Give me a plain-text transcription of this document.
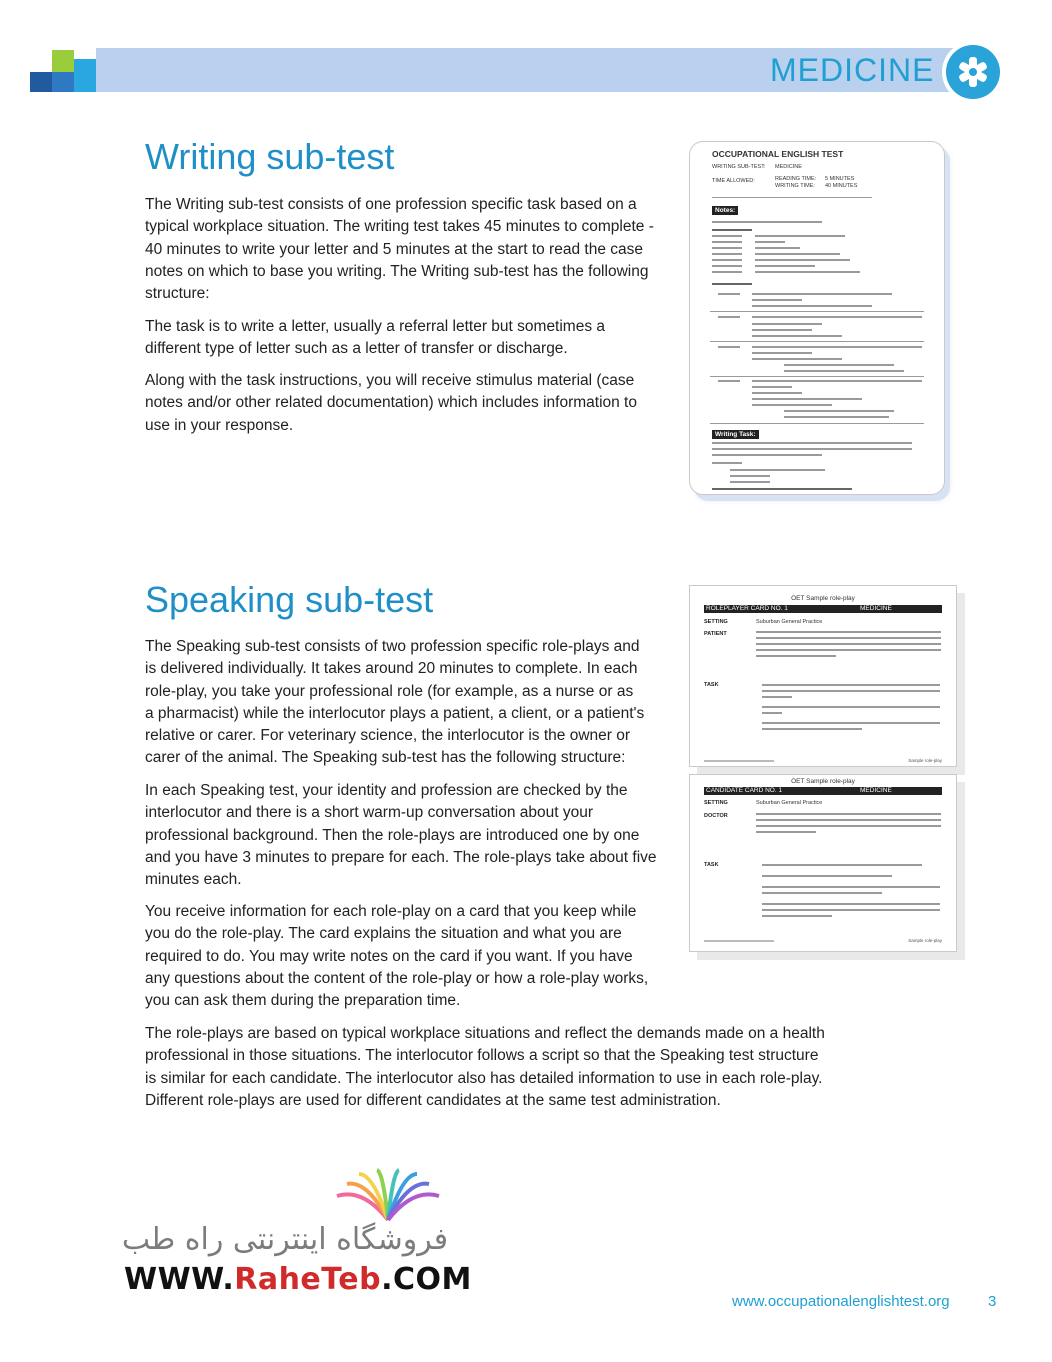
MEDICINE
Writing sub-test

The Writing sub-test consists of one profession specific task based on a typical workplace situation. The writing test takes 45 minutes to complete - 40 minutes to write your letter and 5 minutes at the start to read the case notes on which to base you writing. The Writing sub-test has the following structure:

The task is to write a letter, usually a referral letter but sometimes a different type of letter such as a letter of transfer or discharge.

Along with the task instructions, you will receive stimulus material (case notes and/or other related documentation) which includes information to use in your response.

OCCUPATIONAL ENGLISH TEST
WRITING SUB-TEST: MEDICINE
TIME ALLOWED:	READING TIME: 5 MINUTES
WRITING TIME: 40 MINUTES
Notes:
Writing Task:
Speaking sub-test

The Speaking sub-test consists of two profession specific role-plays and is delivered individually. It takes around 20 minutes to complete. In each role-play, you take your professional role (for example, as a nurse or as a pharmacist) while the interlocutor plays a patient, a client, or a patient's relative or carer. For veterinary science, the interlocutor is the owner or carer of the animal. The Speaking sub-test has the following structure:

In each Speaking test, your identity and profession are checked by the interlocutor and there is a short warm-up conversation about your professional background. Then the role-plays are introduced one by one and you have 3 minutes to prepare for each. The role-plays take about five minutes each.

You receive information for each role-play on a card that you keep while you do the role-play. The card explains the situation and what you are required to do. You may write notes on the card if you want. If you have any questions about the content of the role-play or how a role-play works, you can ask them during the preparation time.

The role-plays are based on typical workplace situations and reflect the demands made on a health professional in those situations. The interlocutor follows a script so that the Speaking test structure is similar for each candidate. The interlocutor also has detailed information to use in each role-play. Different role-plays are used for different candidates at the same test administration.

OET Sample role-play
ROLEPLAYER CARD NO. 1	MEDICINE
SETTING	Suburban General Practice
PATIENT
TASK
Sample role-play
OET Sample role-play
CANDIDATE CARD NO. 1	MEDICINE
SETTING	Suburban General Practice
DOCTOR
TASK
Sample role-play
فروشگاه اینترنتی راه طب
WWW.RaheTeb.COM
www.occupationalenglishtest.org	3
